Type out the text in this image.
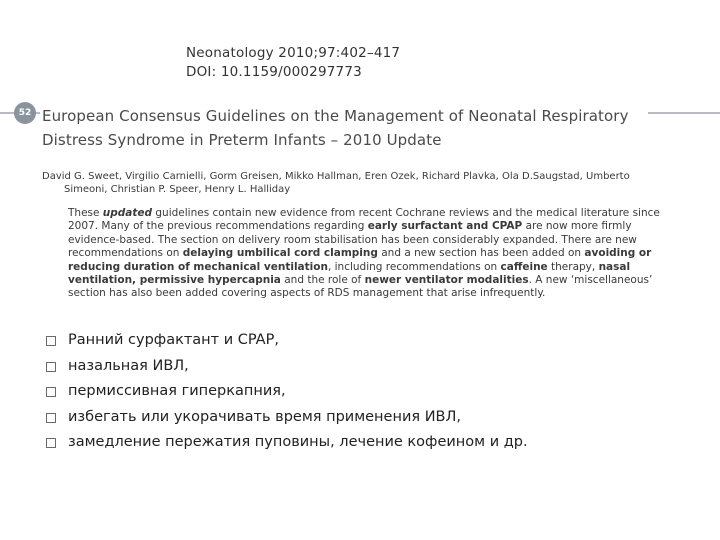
Neonatology 2010;97:402–417
DOI: 10.1159/000297773
52 European Consensus Guidelines on the Management of Neonatal Respiratory
Distress Syndrome in Preterm Infants – 2010 Update
David G. Sweet, Virgilio Carnielli, Gorm Greisen, Mikko Hallman, Eren Ozek, Richard Plavka, Ola D.Saugstad, Umberto
Simeoni, Christian P. Speer, Henry L. Halliday

These updated guidelines contain new evidence from recent Cochrane reviews and the medical literature since 2007. Many of the previous recommendations regarding early surfactant and CPAP are now more firmly evidence-based. The section on delivery room stabilisation has been considerably expanded. There are new recommendations on delaying umbilical cord clamping and a new section has been added on avoiding or reducing duration of mechanical ventilation, including recommendations on caffeine therapy, nasal ventilation, permissive hypercapnia and the role of newer ventilator modalities. A new ‘miscellaneous’ section has also been added covering aspects of RDS management that arise infrequently.

Ранний сурфактант и CPAP,
назальная ИВЛ,
пермиссивная гиперкапния,
избегать или укорачивать время применения ИВЛ,
замедление пережатия пуповины, лечение кофеином и др.
